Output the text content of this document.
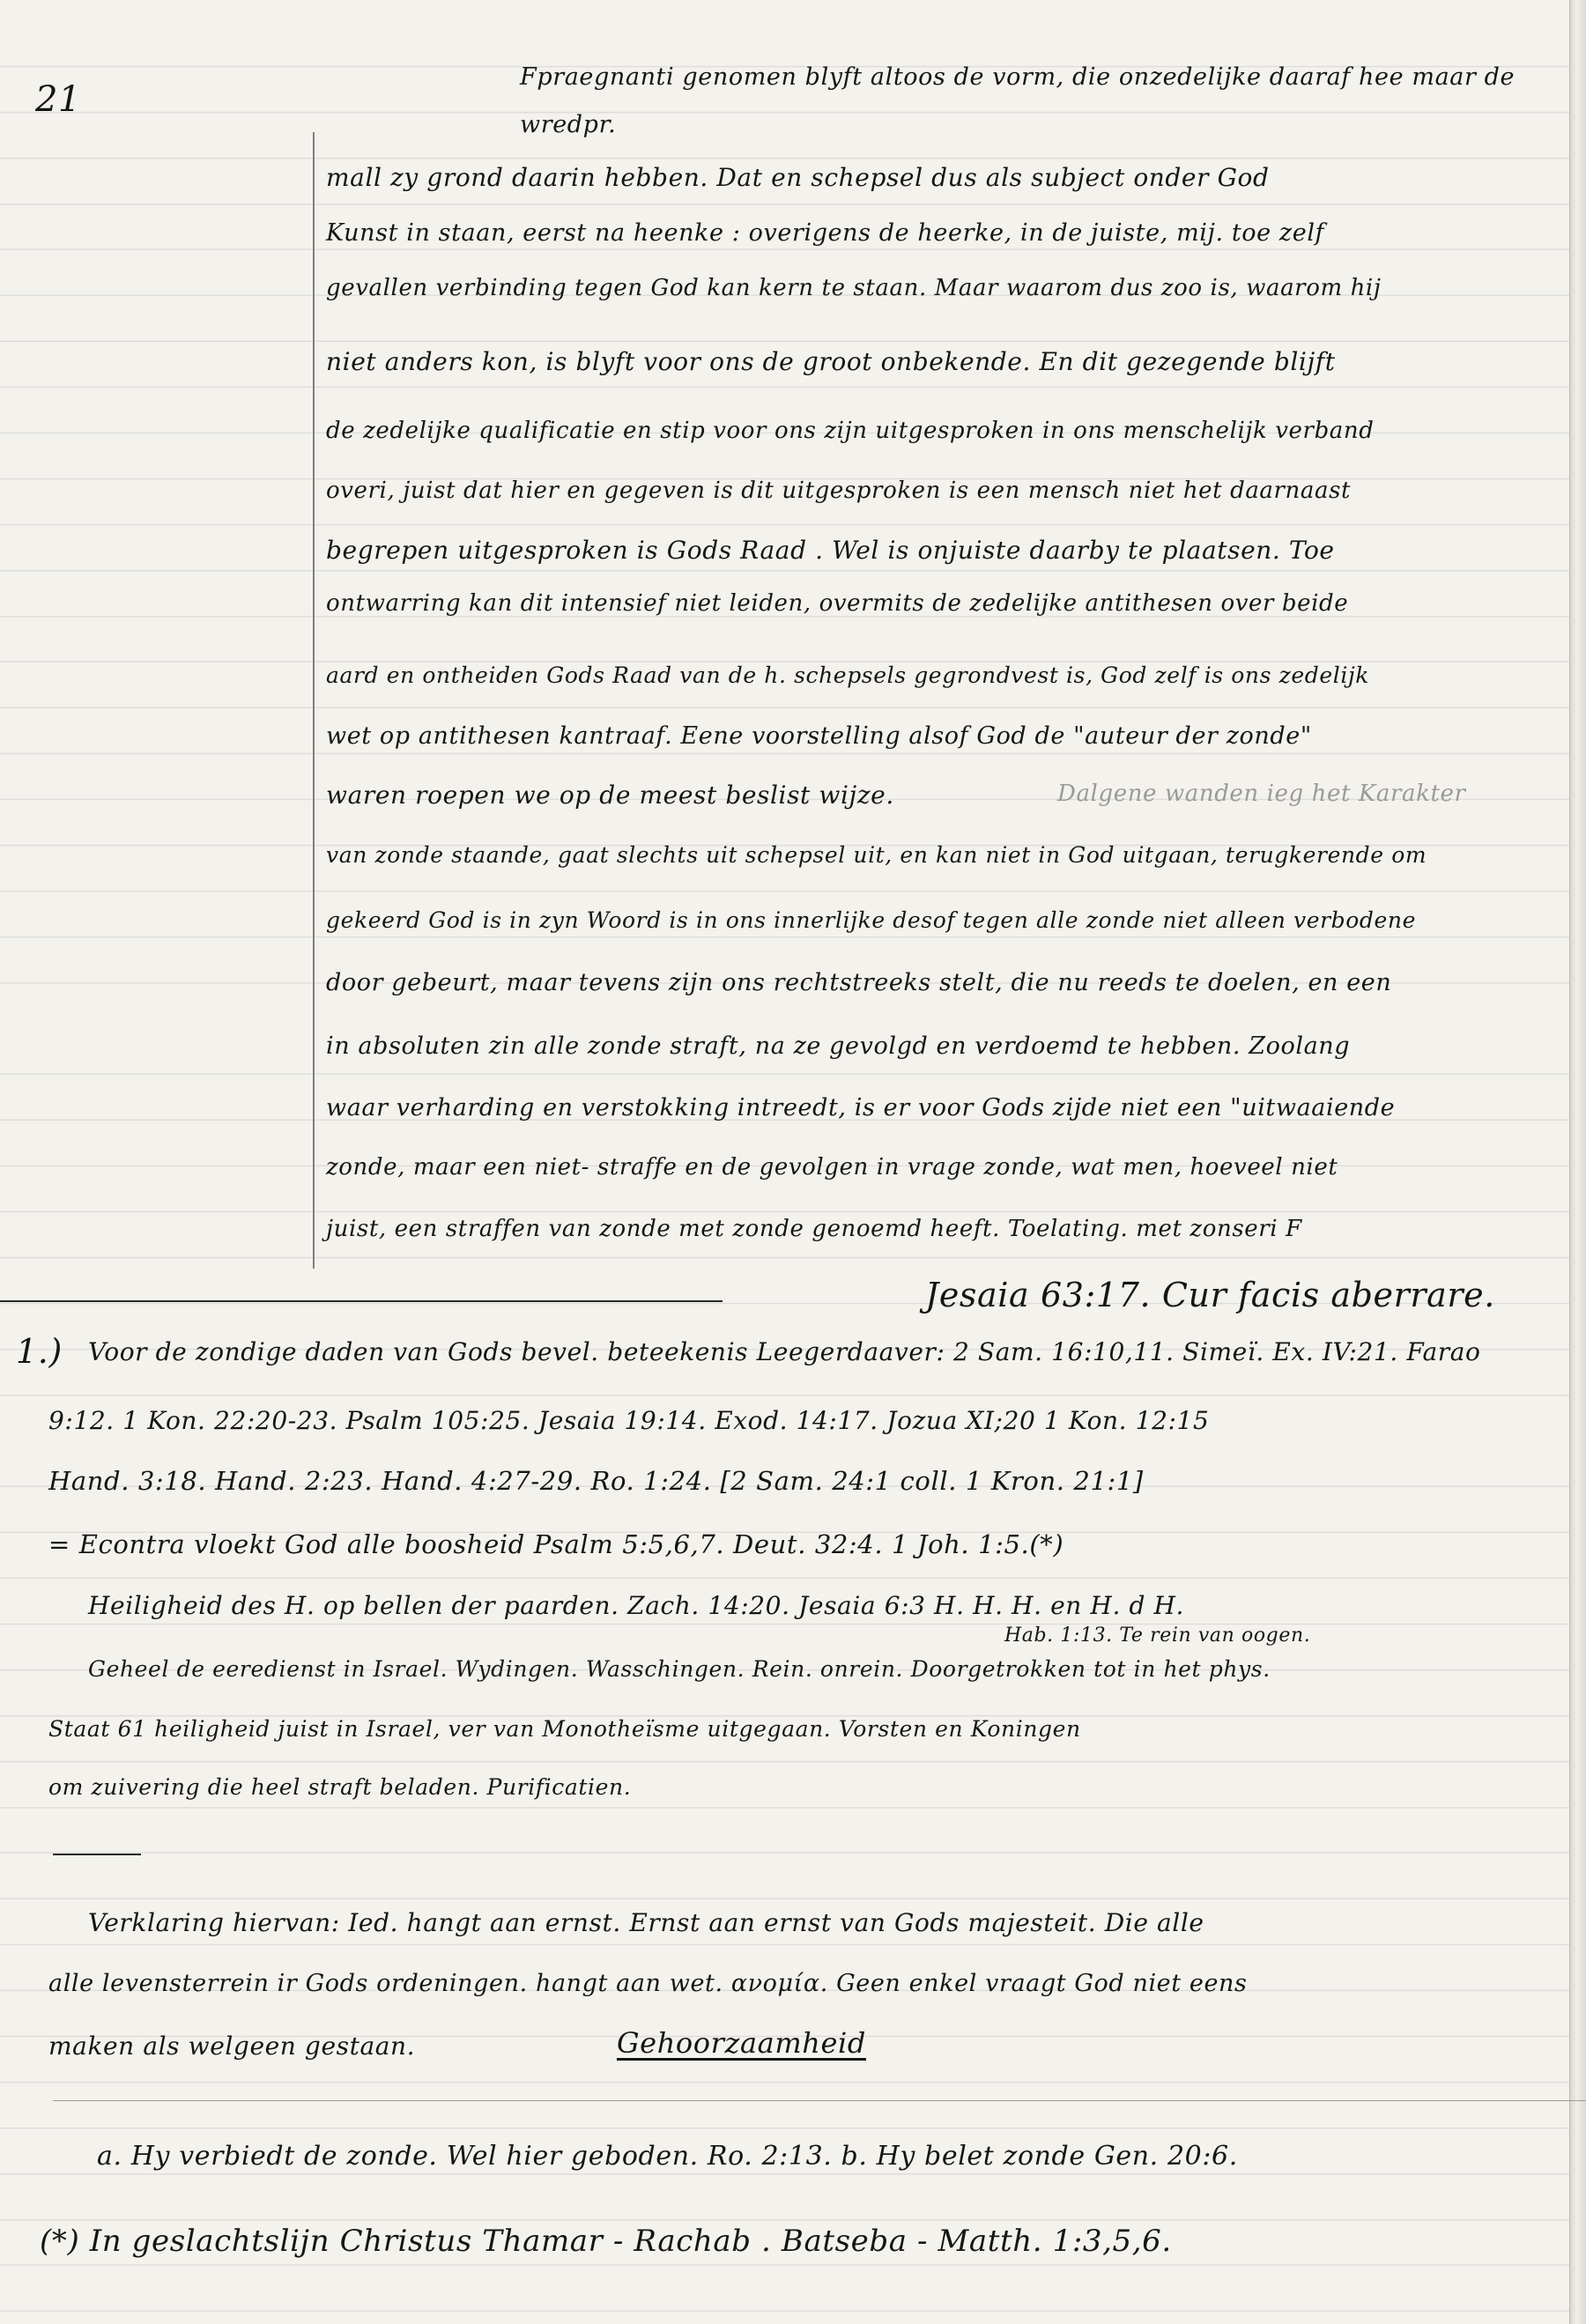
21
Fpraegnanti genomen blyft altoos de vorm, die onzedelijke daaraf hee maar de
wredpr.
mall zy grond daarin hebben. Dat en schepsel dus als subject onder God
Kunst in staan, eerst na heenke : overigens de heerke, in de juiste, mij. toe zelf
gevallen verbinding tegen God kan kern te staan. Maar waarom dus zoo is, waarom hij
niet anders kon, is blyft voor ons de groot onbekende. En dit gezegende blijft
de zedelijke qualificatie en stip voor ons zijn uitgesproken in ons menschelijk verband
overi, juist dat hier en gegeven is dit uitgesproken is een mensch niet het daarnaast
begrepen uitgesproken is Gods Raad . Wel is onjuiste daarby te plaatsen. Toe
ontwarring kan dit intensief niet leiden, overmits de zedelijke antithesen over beide
aard en ontheiden Gods Raad van de h. schepsels gegrondvest is, God zelf is ons zedelijk
wet op antithesen kantraaf. Eene voorstelling alsof God de "auteur der zonde"
waren roepen we op de meest beslist wijze.	Dalgene wanden ieg het Karakter
van zonde staande, gaat slechts uit schepsel uit, en kan niet in God uitgaan, terugkerende om
gekeerd God is in zyn Woord is in ons innerlijke desof tegen alle zonde niet alleen verbodene
door gebeurt, maar tevens zijn ons rechtstreeks stelt, die nu reeds te doelen, en een
in absoluten zin alle zonde straft, na ze gevolgd en verdoemd te hebben. Zoolang
waar verharding en verstokking intreedt, is er voor Gods zijde niet een "uitwaaiende
zonde, maar een niet- straffe en de gevolgen in vrage zonde, wat men, hoeveel niet
juist, een straffen van zonde met zonde genoemd heeft. Toelating. met zonseri F
Jesaia 63:17. Cur facis aberrare.
1.) Voor de zondige daden van Gods bevel. beteekenis Leegerdaaver: 2 Sam. 16:10,11. Simeï. Ex. IV:21. Farao
9:12. 1 Kon. 22:20-23. Psalm 105:25. Jesaia 19:14. Exod. 14:17. Jozua XI;20 1 Kon. 12:15
Hand. 3:18. Hand. 2:23. Hand. 4:27-29. Ro. 1:24. [2 Sam. 24:1 coll. 1 Kron. 21:1]
= Econtra vloekt God alle boosheid Psalm 5:5,6,7. Deut. 32:4. 1 Joh. 1:5.(*)
Heiligheid des H. op bellen der paarden. Zach. 14:20. Jesaia 6:3 H. H. H. en H. d H.
Hab. 1:13. Te rein van oogen.
Geheel de eeredienst in Israel. Wydingen. Wasschingen. Rein. onrein. Doorgetrokken tot in het phys.
Staat 61 heiligheid juist in Israel, ver van Monotheïsme uitgegaan. Vorsten en Koningen
om zuivering die heel straft beladen. Purificatien.
Verklaring hiervan: Ied. hangt aan ernst. Ernst aan ernst van Gods majesteit. Die alle
alle levensterrein ir Gods ordeningen. hangt aan wet. ανομία. Geen enkel vraagt God niet eens
maken als welgeen gestaan.	Gehoorzaamheid
a. Hy verbiedt de zonde. Wel hier geboden. Ro. 2:13. b. Hy belet zonde Gen. 20:6.
(*) In geslachtslijn Christus Thamar - Rachab . Batseba - Matth. 1:3,5,6.
